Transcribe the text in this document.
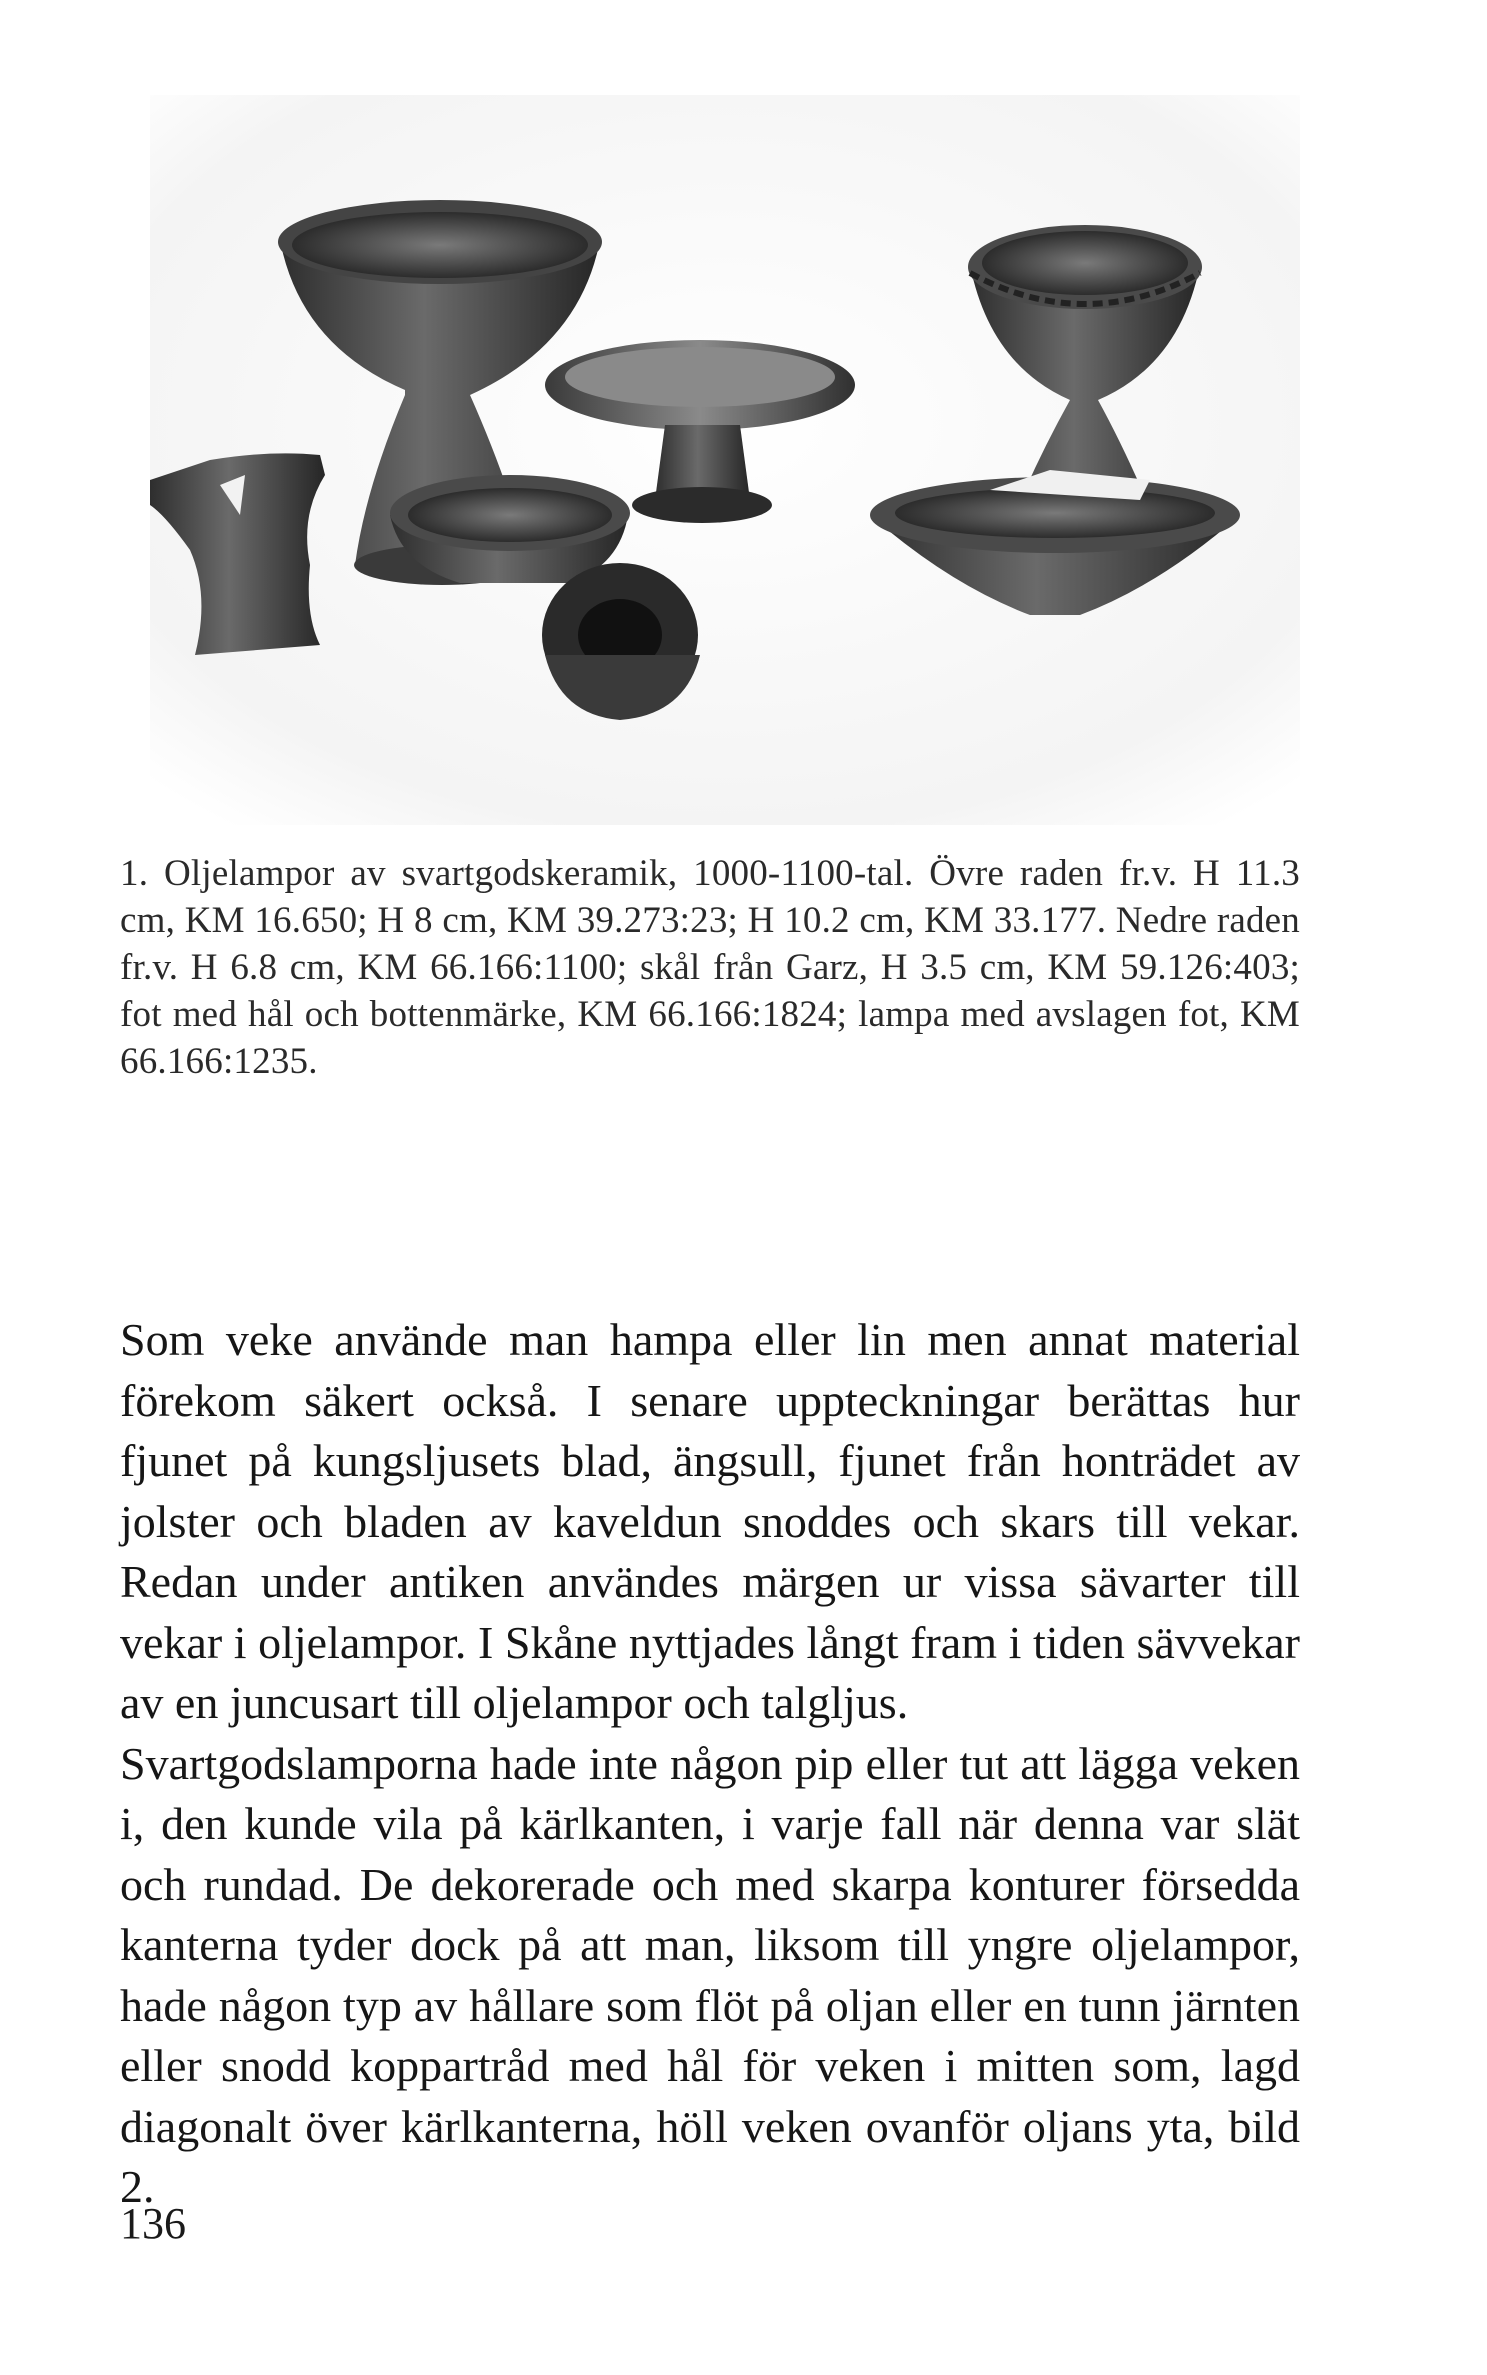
1. Oljelampor av svartgodskeramik, 1000-1100-tal. Övre raden fr.v. H 11.3 cm, KM 16.650; H 8 cm, KM 39.273:23; H 10.2 cm, KM 33.177. Nedre raden fr.v. H 6.8 cm, KM 66.166:1100; skål från Garz, H 3.5 cm, KM 59.126:403; fot med hål och bottenmärke, KM 66.166:1824; lampa med avslagen fot, KM 66.166:1235.

Som veke använde man hampa eller lin men annat material förekom säkert också. I senare uppteckningar berättas hur fjunet på kungsljusets blad, ängsull, fjunet från honträdet av jolster och bladen av kaveldun snoddes och skars till vekar. Redan under antiken användes märgen ur vissa sävarter till vekar i oljelampor. I Skåne nyttjades långt fram i tiden sävvekar av en juncusart till oljelampor och talgljus.

Svartgodslamporna hade inte någon pip eller tut att lägga veken i, den kunde vila på kärlkanten, i varje fall när denna var slät och rundad. De dekorerade och med skarpa konturer försedda kanterna tyder dock på att man, liksom till yngre oljelampor, hade någon typ av hållare som flöt på oljan eller en tunn järnten eller snodd koppartråd med hål för veken i mitten som, lagd diagonalt över kärlkanterna, höll veken ovanför oljans yta, bild 2.

136
